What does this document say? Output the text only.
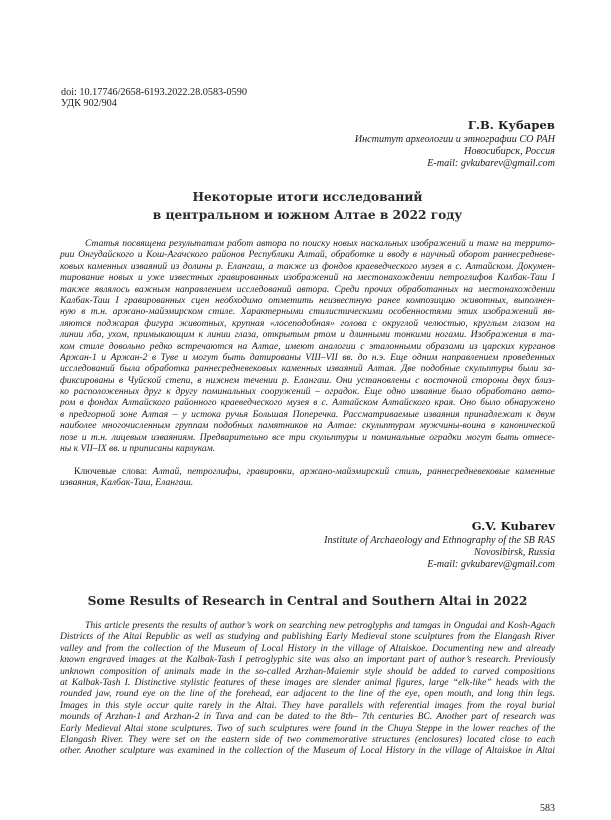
doi: 10.17746/2658-6193.2022.28.0583-0590
УДК 902/904
Г.В. Кубарев
Институт археологии и этнографии СО РАН
Новосибирск, Россия
E-mail: gvkubarev@gmail.com
Некоторые итоги исследований
в центральном и южном Алтае в 2022 году
Статья посвящена результатам работ автора по поиску новых наскальных изображений и тамг на террито-
рии Онгудайского и Кош-Агачского районов Республики Алтай, обработке и вводу в научный оборот раннесредневе-
ковых каменных изваяний из долины р. Елангаш, а также из фондов краеведческого музея в с. Алтайском. Докумен-
тирование новых и уже известных гравированных изображений на местонахождении петроглифов Калбак-Таш I
также являлось важным направлением исследований автора. Среди прочих обработанных на местонахождении
Калбак-Таш I гравированных сцен необходимо отметить неизвестную ранее композицию животных, выполнен-
ную в т.н. аржано-майэмирском стиле. Характерными стилистическими особенностями этих изображений яв-
ляются поджарая фигура животных, крупная «лосеподобная» голова с округлой челюстью, круглым глазом на
линии лба, ухом, примыкающим к линии глаза, открытым ртом и длинными тонкими ногами. Изображения в та-
ком стиле довольно редко встречаются на Алтае, имеют аналогии с эталонными образами из царских курганов
Аржан-1 и Аржан-2 в Туве и могут быть датированы VIII–VII вв. до н.э. Еще одним направлением проведенных
исследований была обработка раннесредневековых каменных изваяний Алтая. Две подобные скульптуры были за-
фиксированы в Чуйской степи, в нижнем течении р. Елангаш. Они установлены с восточной стороны двух близ-
ко расположенных друг к другу поминальных сооружений – оградок. Еще одно изваяние было обработано авто-
ром в фондах Алтайского районного краеведческого музея в с. Алтайском Алтайского края. Оно было обнаружено
в предгорной зоне Алтая – у истока ручья Большая Поперечка. Рассматриваемые изваяния принадлежат к двум
наиболее многочисленным группам подобных памятников на Алтае: скульптурам мужчины-воина в канонической
позе и т.н. лицевым изваяниям. Предварительно все три скульптуры и поминальные оградки могут быть отнесе-
ны к VII–IX вв. и приписаны карлукам.
Ключевые слова: Алтай, петроглифы, гравировки, аржано-майэмирский стиль, раннесредневековые каменные
изваяния, Калбак-Таш, Елангаш.
G.V. Kubarev
Institute of Archaeology and Ethnography of the SB RAS
Novosibirsk, Russia
E-mail: gvkubarev@gmail.com
Some Results of Research in Central and Southern Altai in 2022
This article presents the results of author’s work on searching new petroglyphs and tamgas in Ongudai and Kosh-Agach
Districts of the Altai Republic as well as studying and publishing Early Medieval stone sculptures from the Elangash River
valley and from the collection of the Museum of Local History in the village of Altaiskoe. Documenting new and already
known engraved images at the Kalbak-Tash I petroglyphic site was also an important part of author’s research. Previously
unknown composition of animals made in the so-called Arzhan-Maiemir style should be added to carved compositions
at Kalbak-Tash I. Distinctive stylistic features of these images are slender animal figures, large “elk-like” heads with the
rounded jaw, round eye on the line of the forehead, ear adjacent to the line of the eye, open mouth, and long thin legs.
Images in this style occur quite rarely in the Altai. They have parallels with referential images from the royal burial
mounds of Arzhan-1 and Arzhan-2 in Tuva and can be dated to the 8th– 7th centuries BC. Another part of research was
Early Medieval Altai stone sculptures. Two of such sculptures were found in the Chuya Steppe in the lower reaches of the
Elangash River. They were set on the eastern side of two commemorative structures (enclosures) located close to each
other. Another sculpture was examined in the collection of the Museum of Local History in the village of Altaiskoe in Altai
583
